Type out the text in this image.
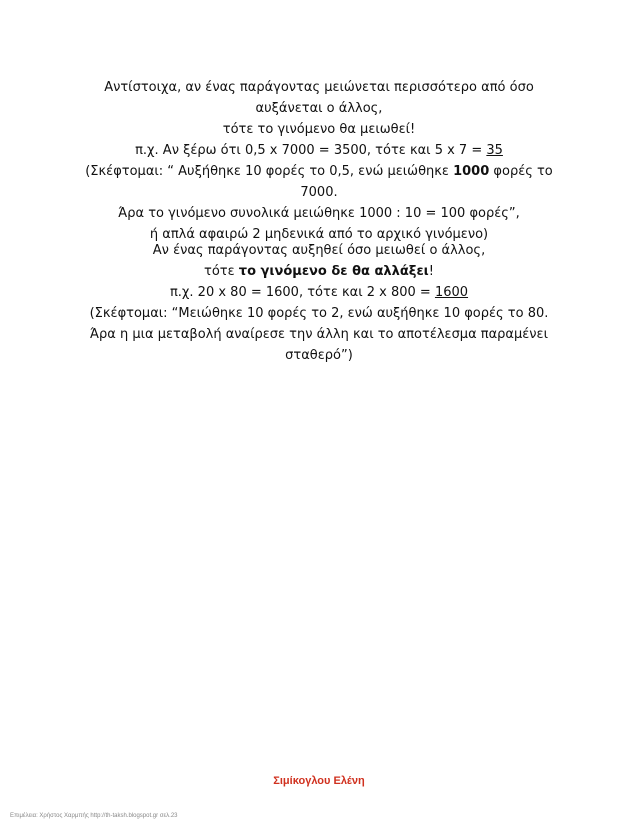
Αντίστοιχα, αν ένας παράγοντας μειώνεται περισσότερο από όσο
αυξάνεται ο άλλος,
τότε το γινόμενο θα μειωθεί!
π.χ. Αν ξέρω ότι 0,5 x 7000 = 3500, τότε και 5 x 7 = 35
(Σκέφτομαι: “ Αυξήθηκε 10 φορές το 0,5, ενώ μειώθηκε 1000 φορές το
7000.
Άρα το γινόμενο συνολικά μειώθηκε 1000 : 10 = 100 φορές”,
ή απλά αφαιρώ 2 μηδενικά από το αρχικό γινόμενο)
Αν ένας παράγοντας αυξηθεί όσο μειωθεί ο άλλος,
τότε το γινόμενο δε θα αλλάξει!
π.χ. 20 x 80 = 1600, τότε και 2 x 800 = 1600
(Σκέφτομαι: “Μειώθηκε 10 φορές το 2, ενώ αυξήθηκε 10 φορές το 80.
Άρα η μια μεταβολή αναίρεσε την άλλη και το αποτέλεσμα παραμένει
σταθερό”)
Σιμίκογλου Ελένη
Επιμέλεια: Χρήστος Χαρμπής http://th-taksh.blogspot.gr σελ.23
